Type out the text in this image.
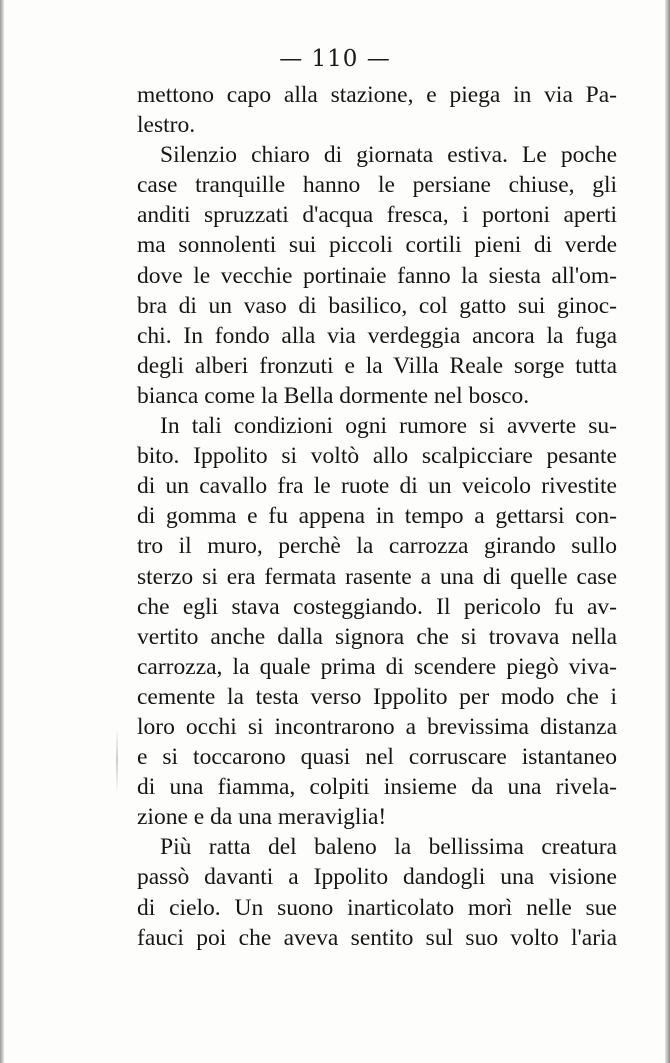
— 110 —
mettono capo alla stazione, e piega in via Pa-
lestro.
Silenzio chiaro di giornata estiva. Le poche
case tranquille hanno le persiane chiuse, gli
anditi spruzzati d'acqua fresca, i portoni aperti
ma sonnolenti sui piccoli cortili pieni di verde
dove le vecchie portinaie fanno la siesta all'om-
bra di un vaso di basilico, col gatto sui ginoc-
chi. In fondo alla via verdeggia ancora la fuga
degli alberi fronzuti e la Villa Reale sorge tutta
bianca come la Bella dormente nel bosco.
In tali condizioni ogni rumore si avverte su-
bito. Ippolito si voltò allo scalpicciare pesante
di un cavallo fra le ruote di un veicolo rivestite
di gomma e fu appena in tempo a gettarsi con-
tro il muro, perchè la carrozza girando sullo
sterzo si era fermata rasente a una di quelle case
che egli stava costeggiando. Il pericolo fu av-
vertito anche dalla signora che si trovava nella
carrozza, la quale prima di scendere piegò viva-
cemente la testa verso Ippolito per modo che i
loro occhi si incontrarono a brevissima distanza
e si toccarono quasi nel corruscare istantaneo
di una fiamma, colpiti insieme da una rivela-
zione e da una meraviglia!
Più ratta del baleno la bellissima creatura
passò davanti a Ippolito dandogli una visione
di cielo. Un suono inarticolato morì nelle sue
fauci poi che aveva sentito sul suo volto l'aria
